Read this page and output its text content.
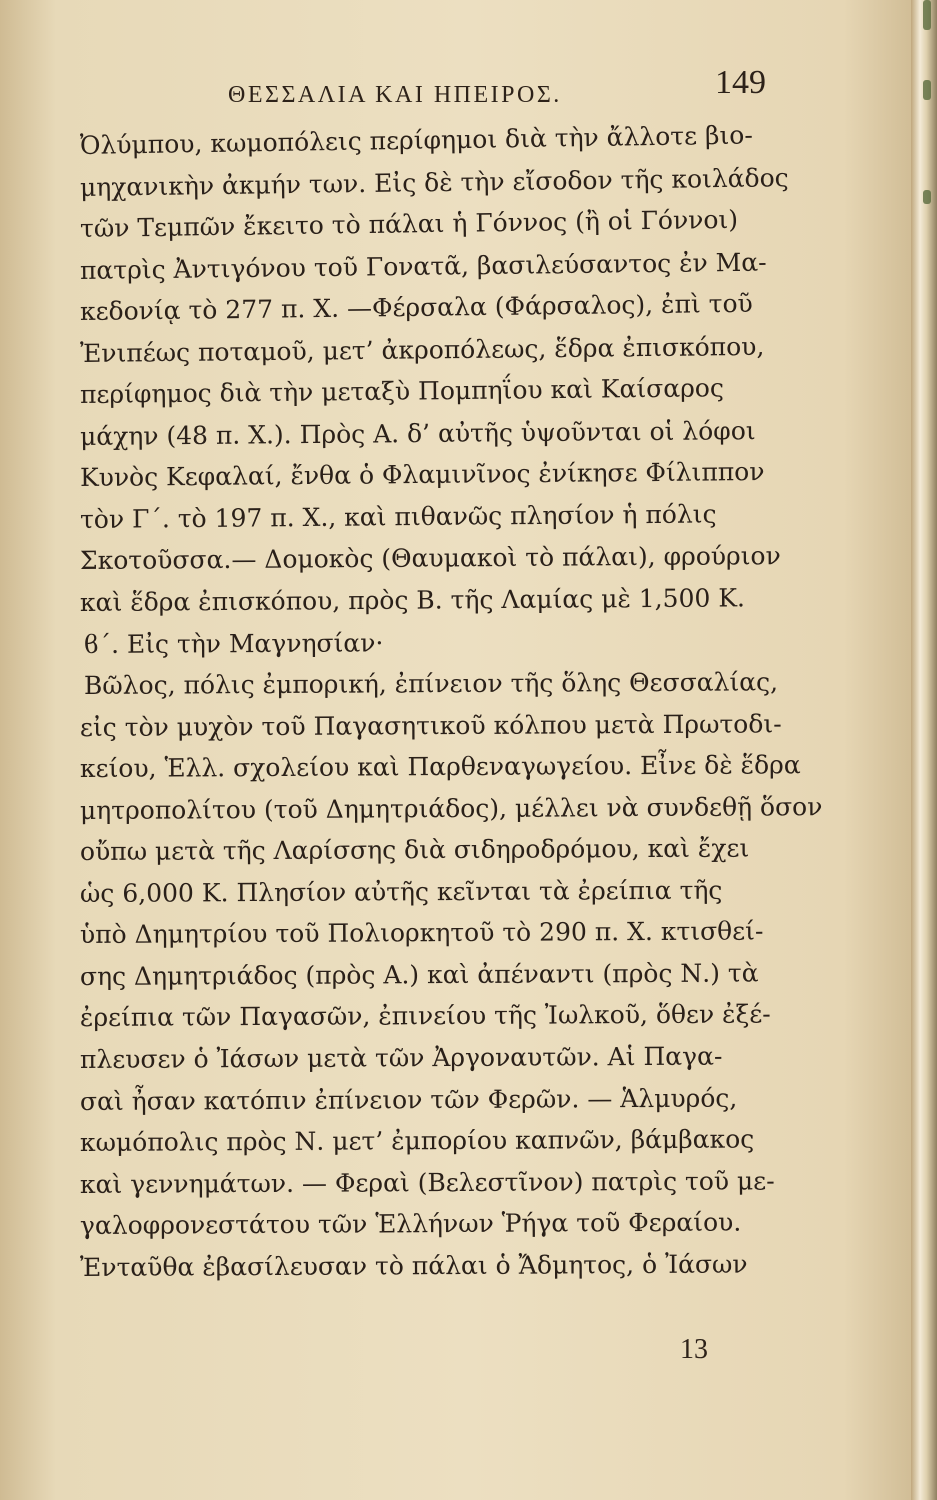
ΘΕΣΣΑΛΙΑ ΚΑΙ ΗΠΕΙΡΟΣ.	149
Ὀλύμπου, κωμοπόλεις περίφημοι διὰ τὴν ἄλλοτε βιο-
μηχανικὴν ἀκμήν των. Εἰς δὲ τὴν εἴσοδον τῆς κοιλάδος
τῶν Τεμπῶν ἔκειτο τὸ πάλαι ἡ Γόννος (ἢ οἱ Γόννοι)
πατρὶς Ἀντιγόνου τοῦ Γονατᾶ, βασιλεύσαντος ἐν Μα-
κεδονίᾳ τὸ 277 π. Χ. —Φέρσαλα (Φάρσαλος), ἐπὶ τοῦ
Ἐνιπέως ποταμοῦ, μετ’ ἀκροπόλεως, ἕδρα ἐπισκόπου,
περίφημος διὰ τὴν μεταξὺ Πομπηΐου καὶ Καίσαρος
μάχην (48 π. Χ.). Πρὸς Α. δ’ αὐτῆς ὑψοῦνται οἱ λόφοι
Κυνὸς Κεφαλαί, ἔνθα ὁ Φλαμινῖνος ἐνίκησε Φίλιππον
τὸν Γ΄. τὸ 197 π. Χ., καὶ πιθανῶς πλησίον ἡ πόλις
Σκοτοῦσσα.— Δομοκὸς (Θαυμακοὶ τὸ πάλαι), φρούριον
καὶ ἕδρα ἐπισκόπου, πρὸς Β. τῆς Λαμίας μὲ 1,500 Κ.
ϐ΄. Εἰς τὴν Μαγνησίαν·
Βῶλος, πόλις ἐμπορική, ἐπίνειον τῆς ὅλης Θεσσαλίας,
εἰς τὸν μυχὸν τοῦ Παγασητικοῦ κόλπου μετὰ Πρωτοδι-
κείου, Ἑλλ. σχολείου καὶ Παρθεναγωγείου. Εἶνε δὲ ἕδρα
μητροπολίτου (τοῦ Δημητριάδος), μέλλει νὰ συνδεθῇ ὅσον
οὔπω μετὰ τῆς Λαρίσσης διὰ σιδηροδρόμου, καὶ ἔχει
ὡς 6,000 Κ. Πλησίον αὐτῆς κεῖνται τὰ ἐρείπια τῆς
ὑπὸ Δημητρίου τοῦ Πολιορκητοῦ τὸ 290 π. Χ. κτισθεί-
σης Δημητριάδος (πρὸς Α.) καὶ ἀπέναντι (πρὸς Ν.) τὰ
ἐρείπια τῶν Παγασῶν, ἐπινείου τῆς Ἰωλκοῦ, ὅθεν ἐξέ-
πλευσεν ὁ Ἰάσων μετὰ τῶν Ἀργοναυτῶν. Αἱ Παγα-
σαὶ ἦσαν κατόπιν ἐπίνειον τῶν Φερῶν. — Ἁλμυρός,
κωμόπολις πρὸς Ν. μετ’ ἐμπορίου καπνῶν, βάμβακος
καὶ γεννημάτων. — Φεραὶ (Βελεστῖνον) πατρὶς τοῦ με-
γαλοφρονεστάτου τῶν Ἑλλήνων Ῥήγα τοῦ Φεραίου.
Ἐνταῦθα ἐβασίλευσαν τὸ πάλαι ὁ Ἄδμητος, ὁ Ἰάσων
13
